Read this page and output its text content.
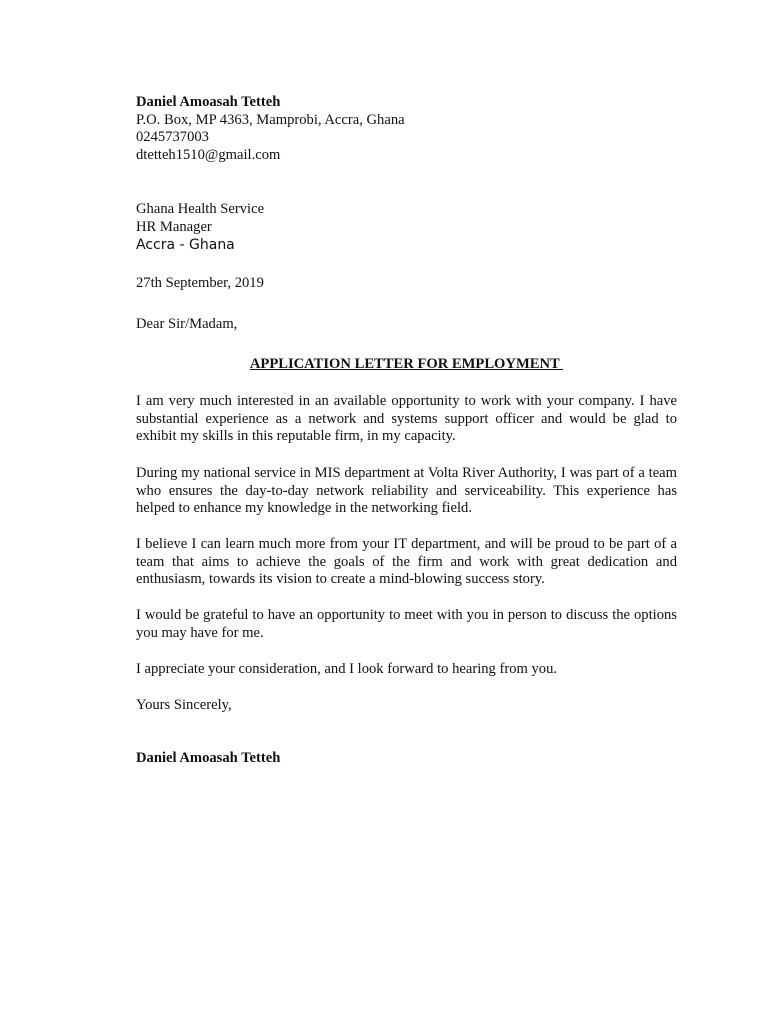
Daniel Amoasah Tetteh
P.O. Box, MP 4363, Mamprobi, Accra, Ghana
0245737003
dtetteh1510@gmail.com
Ghana Health Service
HR Manager
Accra - Ghana
27th September, 2019
Dear Sir/Madam,
APPLICATION LETTER FOR EMPLOYMENT
I am very much interested in an available opportunity to work with your company. I have substantial experience as a network and systems support officer and would be glad to exhibit my skills in this reputable firm, in my capacity.
During my national service in MIS department at Volta River Authority, I was part of a team who ensures the day-to-day network reliability and serviceability. This experience has helped to enhance my knowledge in the networking field.
I believe I can learn much more from your IT department, and will be proud to be part of a team that aims to achieve the goals of the firm and work with great dedication and enthusiasm, towards its vision to create a mind-blowing success story.
I would be grateful to have an opportunity to meet with you in person to discuss the options you may have for me.
I appreciate your consideration, and I look forward to hearing from you.
Yours Sincerely,
Daniel Amoasah Tetteh
